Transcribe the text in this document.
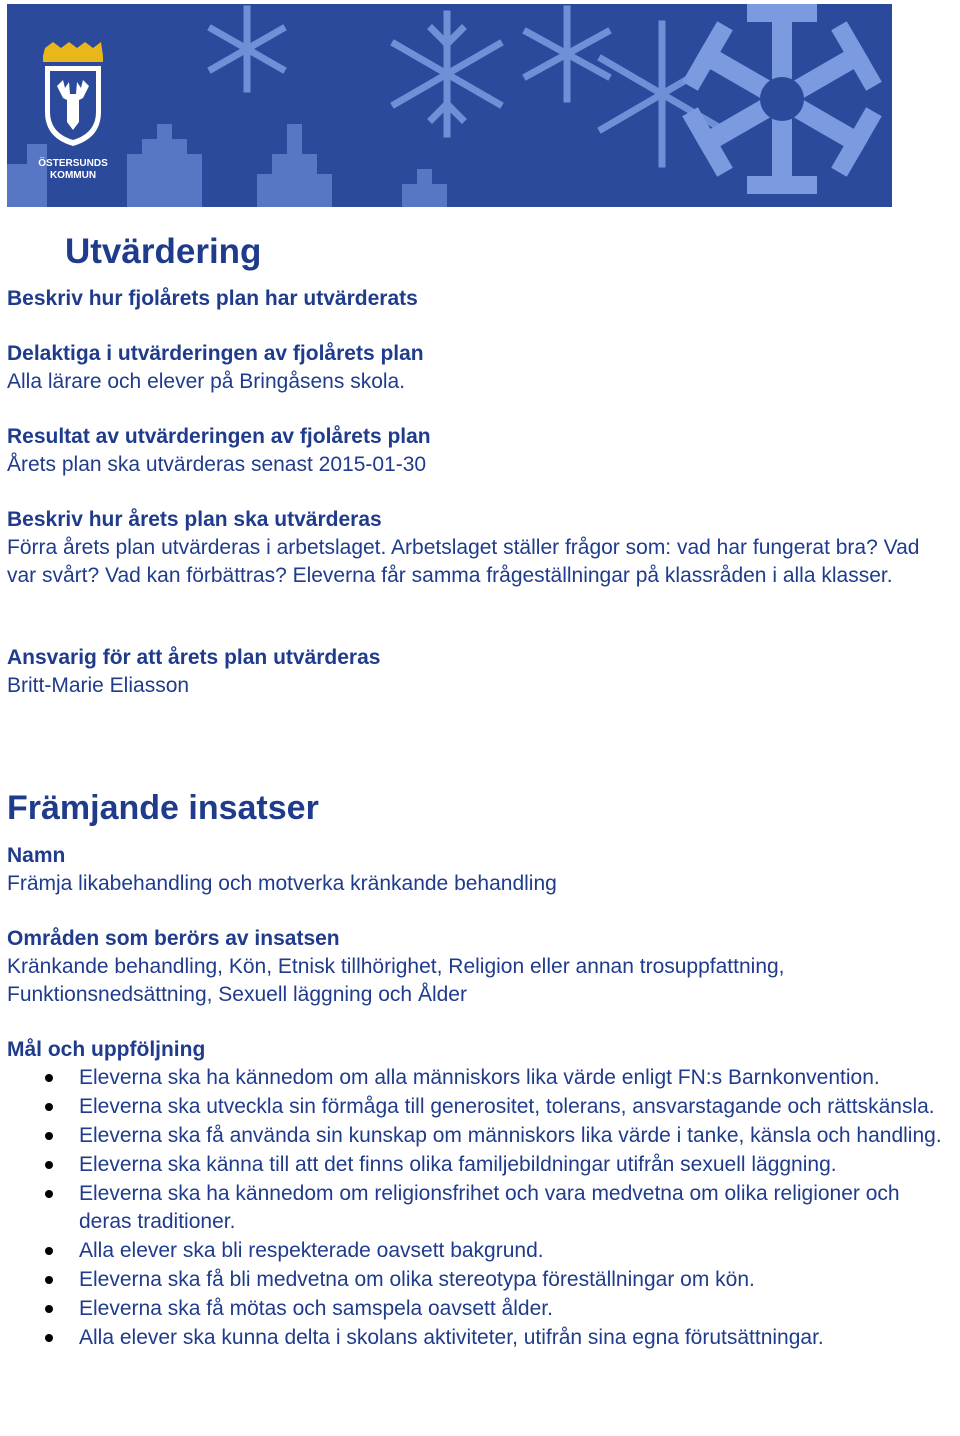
ÖSTERSUNDS
KOMMUN
Utvärdering
Beskriv hur fjolårets plan har utvärderats
Delaktiga i utvärderingen av fjolårets plan
Alla lärare och elever på Bringåsens skola.
Resultat av utvärderingen av fjolårets plan
Årets plan ska utvärderas senast 2015-01-30
Beskriv hur årets plan ska utvärderas
Förra årets plan utvärderas i arbetslaget. Arbetslaget ställer frågor som: vad har fungerat bra? Vad var svårt? Vad kan förbättras? Eleverna får samma frågeställningar på klassråden i alla klasser.
Ansvarig för att årets plan utvärderas
Britt-Marie Eliasson
Främjande insatser
Namn
Främja likabehandling och motverka kränkande behandling
Områden som berörs av insatsen
Kränkande behandling, Kön, Etnisk tillhörighet, Religion eller annan trosuppfattning, Funktionsnedsättning, Sexuell läggning och Ålder
Mål och uppföljning
Eleverna ska ha kännedom om alla människors lika värde enligt FN:s Barnkonvention.
Eleverna ska utveckla sin förmåga till generositet, tolerans, ansvarstagande och rättskänsla.
Eleverna ska få använda sin kunskap om människors lika värde i tanke, känsla och handling.
Eleverna ska känna till att det finns olika familjebildningar utifrån sexuell läggning.
Eleverna ska ha kännedom om religionsfrihet och vara medvetna om olika religioner och deras traditioner.
Alla elever ska bli respekterade oavsett bakgrund.
Eleverna ska få bli medvetna om olika stereotypa föreställningar om kön.
Eleverna ska få mötas och samspela oavsett ålder.
Alla elever ska kunna delta i skolans aktiviteter, utifrån sina egna förutsättningar.
